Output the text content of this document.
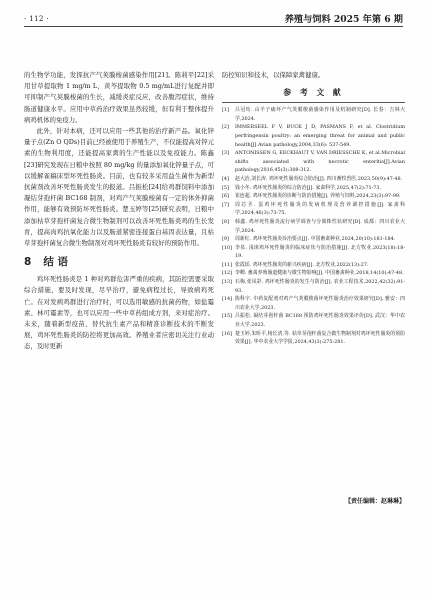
· 112 ·	养殖与饲料 2025 年第 6 期

的生物学功能，发挥抗产气荚膜梭菌感染作用[21]。陈莉平[22]采用甘草提取物 1 mg/m L，黄芩提取物 0.5 mg/mL进行复配并即可抑制产气荚膜梭菌的生长，减缓炎症反应，改善腹泻症状，维持肠道健康水平。应用中草药治疗效果虽然较缓，但有利于整体提升病鸡机体的免疫力。

此外，针对本病，还可以应用一些其他的治疗新产品。氧化锌量子点(Zn O QDs)目前已经被使用于养殖生产，不仅能提高对锌元素的生物利用度，还能提高家禽的生产性能以及免疫能力。陈鑫[23]研究发现在日粮中按照 80 mg/kg 的量添加氧化锌量子点，可以缓解雀稿床型坏死性肠炎。目前，也有较多采用益生菌作为新型抗菌剂改善坏死性肠炎发生的报道。吕振松[24]给鸡群饲料中添加凝结芽孢杆菌 BC168 制剂，对鸡产气荚膜梭菌有一定的体外抑菌作用，能够有效预防坏死性肠炎。楚玉婷等[25]研究表明，日粮中添加枯草芽孢杆菌复合微生物制剂可以改善坏死性肠炎鸡的生长发育，提高肉鸡抗氧化能力以及肠道紧密连接蛋白基因表达量，且枯草芽孢杆菌复合微生物制剂对鸡坏死性肠炎有较好的预防作用。

8 结 语

鸡坏死性肠炎是 1 种对鸡群危害严重的疾病，其防控需要采取综合措施，要及时发现，尽早治疗，避免病程过长，导致病鸡死亡。在对发病鸡群进行治疗时，可以选用敏感的抗菌药物，如盐霉素、林可霉素等，也可以应用一些中草药组成方剂，来对症治疗。未来，随着新型疫苗、替代抗生素产品和精准诊断技术的不断发展，鸡坏死性肠炎的防控将更加高效。养殖业者应密切关注行业动态，及时更新

防控知识和技术，以保障家禽健康。

参 考 文 献
[1]	吕冠珩. 山羊子痛坏产气荚膜梭菌感染作用及机制研究[D]. 长春：吉林大学,2024.
[2]	IMMERSEEL F V, BUCK J D, PASMANS F, et al. Clostridium perfringensin poultry: an emerging threat for animal and public health[J].Avian pathology,2004,33(6): 537-549.
[3]	ANTONISSEN G, EECKHAUT V, VAN DRIESSCHE K, et al.Microbial shifts associated with necrotic enteritis[J].Avian pathology,2016,45(3):308-312.
[4]	赵大治,刘长涛. 鸡坏死性肠炎综合防治[J]. 四川畜牧兽医,2023,50(9):47-48.
[5]	钱小冬. 鸡坏死性肠炎的综合防治[J]. 家禽科学,2025,47(2):71-73.
[6]	崔连超. 鸡坏死性肠炎的诊断与防治措施[J]. 养殖与饲料,2024,23(3):97-99.
[7]	周芯圣. 蛋鸡坏死性肠炎的发病机理及营养调控措施[J]. 家禽科学,2024,46(3):73-75.
[8]	韩鑫. 鸡坏死性肠炎流行病学调查与分离株性状研究[D]. 成都：四川农业大学,2024.
[9]	周新红. 鸡坏死性肠炎诊治要点[J]. 中国畜禽种业,2024,20(10):181-184.
[10] 李泉. 浅谈鸡坏死性肠炎的临床症状与防治措施[J]. 北方牧业,2023(18):18-19.
[11] 张霞瑶. 鸡坏死性肠炎的新兴疾病[J]. 北方牧业,2022(13):27.
[12] 李卿. 畜禽养殖肠道健康与微生物影响[J]. 中国畜禽种业,2018,14(10):47-48.
[13] 石梅,张凤彩. 鸡坏死性肠炎的发生与防治[J]. 农业工程技术,2022,42(32):91-93.
[14] 陈科宇. 中药复配剂对鸡产气荚膜梭菌坏死性肠炎治疗效果研究[D]. 雅安：四川农业大学,2023.
[15] 吕振松. 凝结芽孢杆菌 BC168 预防鸡坏死性肠炎效果评价[D]. 武汉：华中农业大学,2023.
[16] 楚玉婷,朱昕平,杨长清,等. 枯草芽孢杆菌复合微生物制剂对鸡坏死性肠炎的预防效果[J]. 华中农业大学学报,2024,43(3):275-281.
【责任编辑：赵琳琳】
